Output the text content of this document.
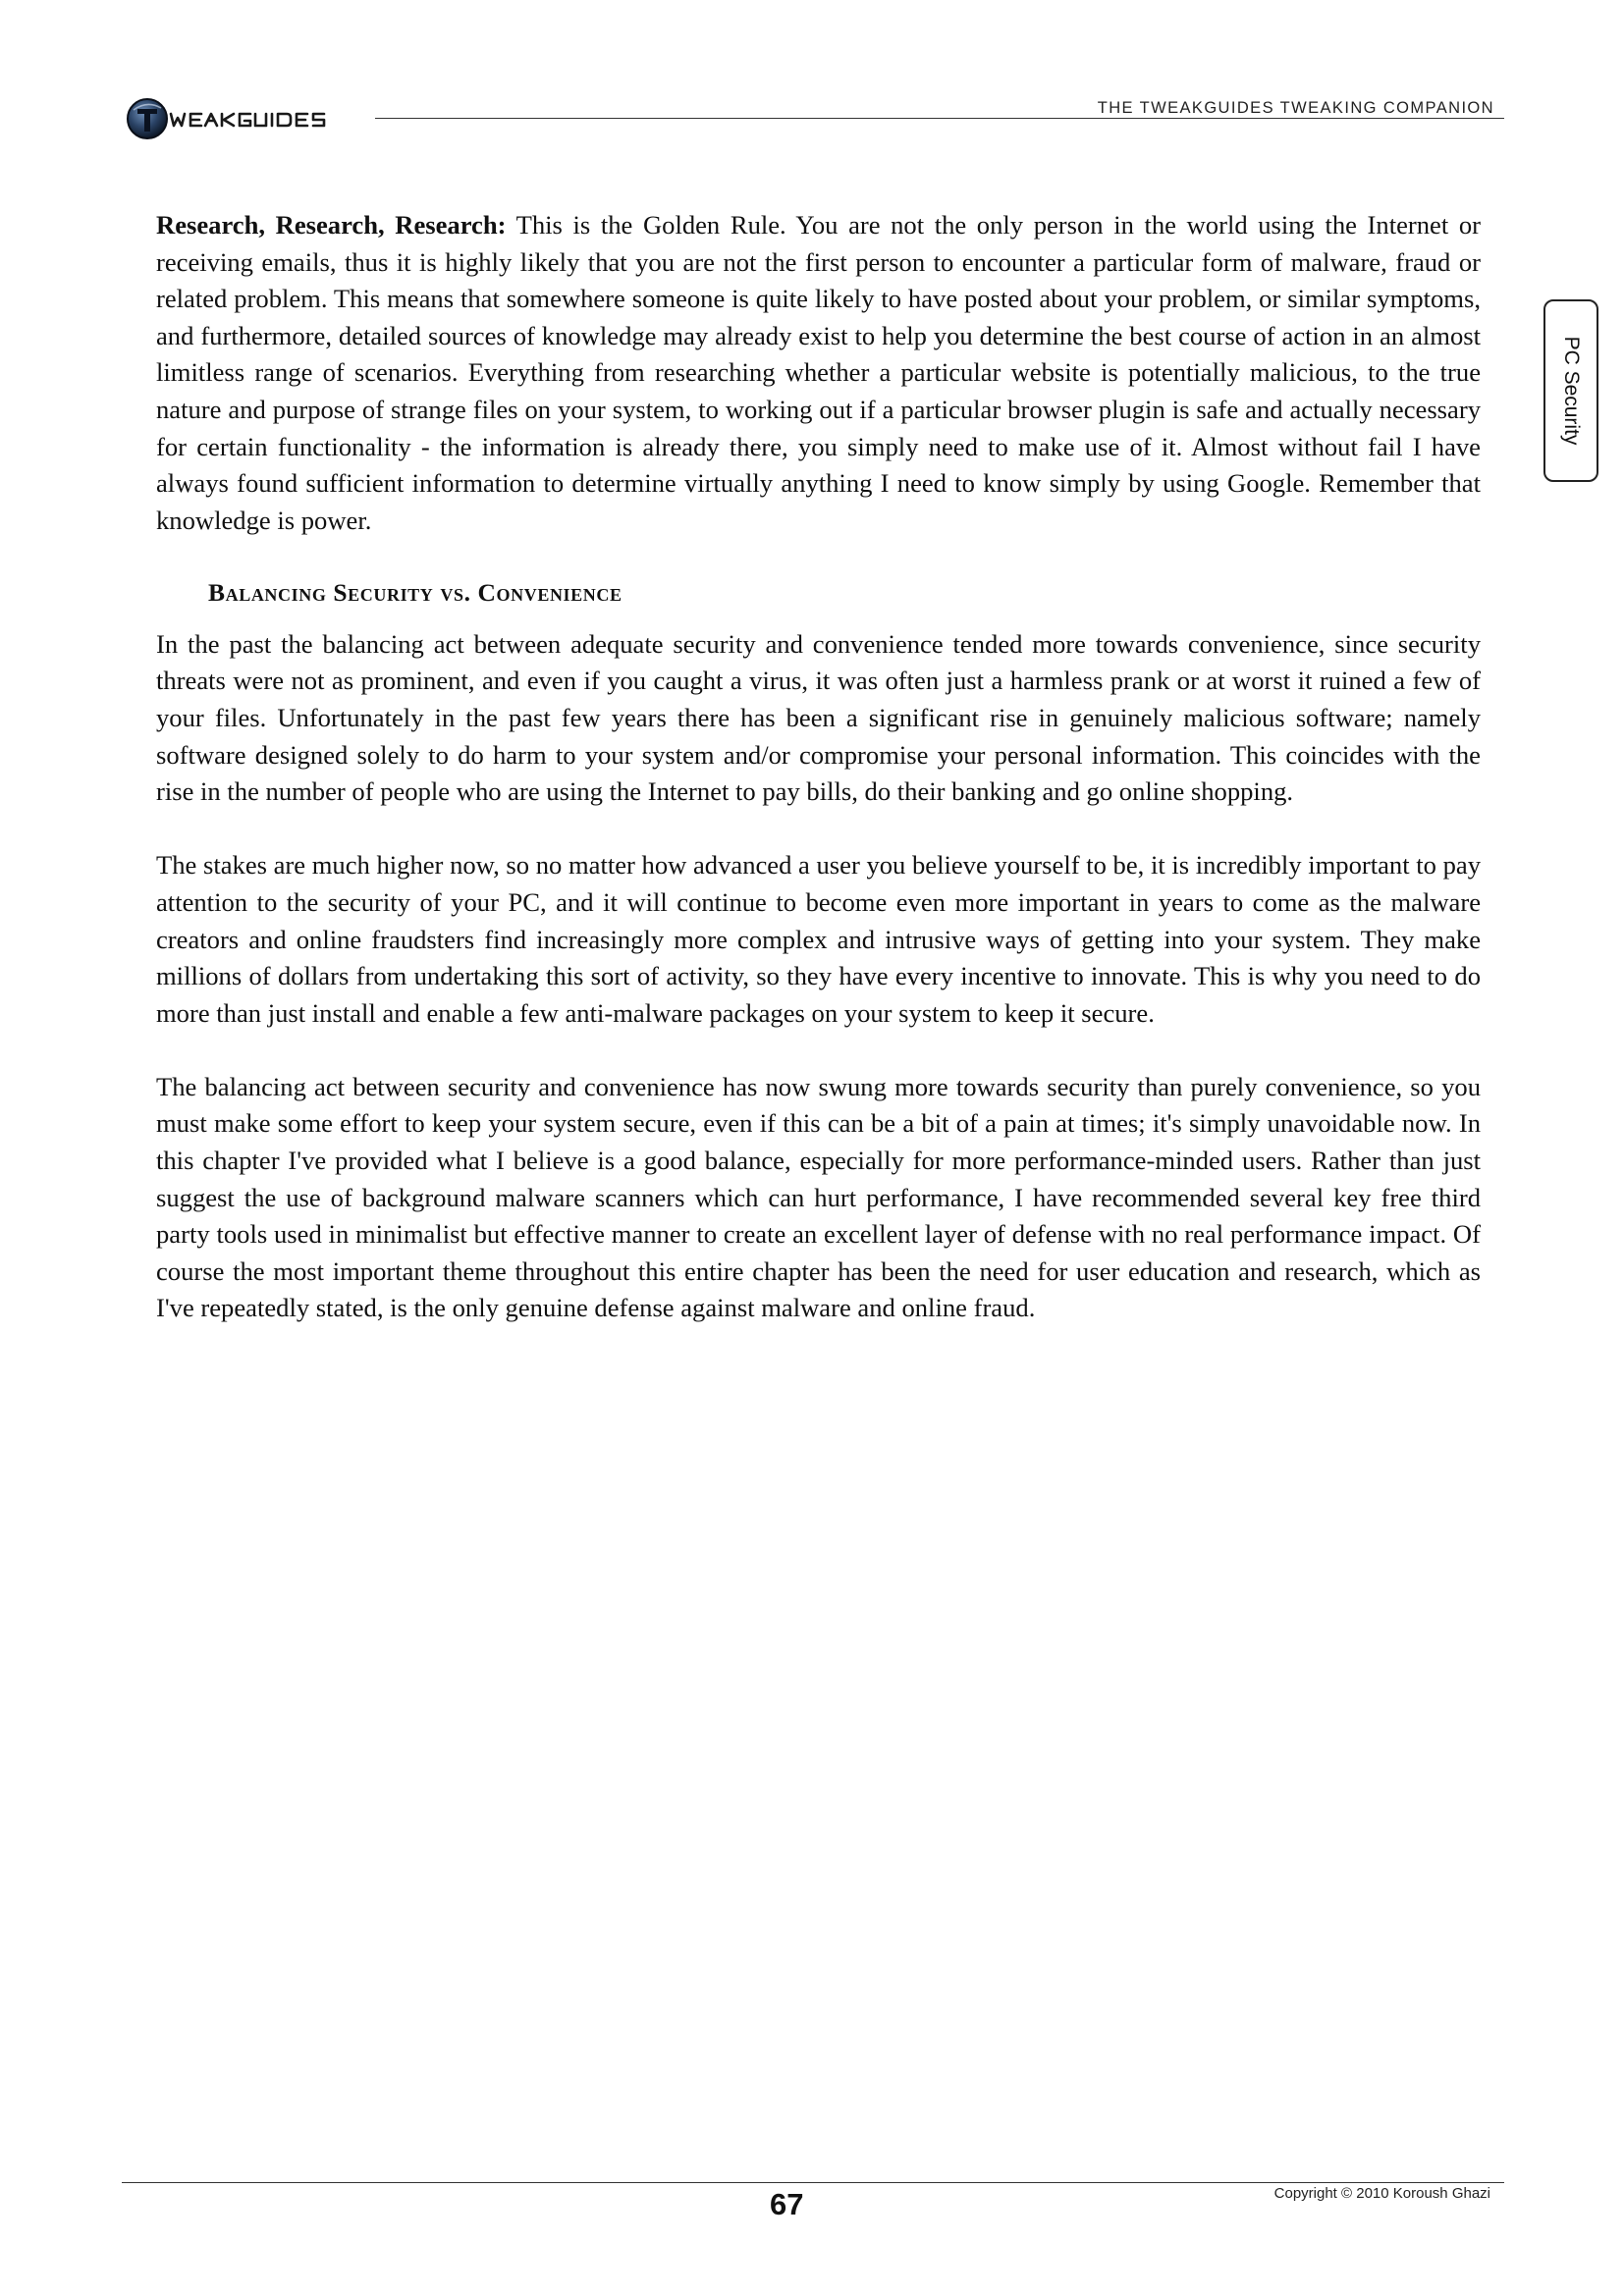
THE TWEAKGUIDES TWEAKING COMPANION
PC Security

Research, Research, Research: This is the Golden Rule. You are not the only person in the world using the Internet or receiving emails, thus it is highly likely that you are not the first person to encounter a particular form of malware, fraud or related problem. This means that somewhere someone is quite likely to have posted about your problem, or similar symptoms, and furthermore, detailed sources of knowledge may already exist to help you determine the best course of action in an almost limitless range of scenarios. Everything from researching whether a particular website is potentially malicious, to the true nature and purpose of strange files on your system, to working out if a particular browser plugin is safe and actually necessary for certain functionality - the information is already there, you simply need to make use of it. Almost without fail I have always found sufficient information to determine virtually anything I need to know simply by using Google. Remember that knowledge is power.

Balancing Security vs. Convenience

In the past the balancing act between adequate security and convenience tended more towards convenience, since security threats were not as prominent, and even if you caught a virus, it was often just a harmless prank or at worst it ruined a few of your files. Unfortunately in the past few years there has been a significant rise in genuinely malicious software; namely software designed solely to do harm to your system and/or compromise your personal information. This coincides with the rise in the number of people who are using the Internet to pay bills, do their banking and go online shopping.

The stakes are much higher now, so no matter how advanced a user you believe yourself to be, it is incredibly important to pay attention to the security of your PC, and it will continue to become even more important in years to come as the malware creators and online fraudsters find increasingly more complex and intrusive ways of getting into your system. They make millions of dollars from undertaking this sort of activity, so they have every incentive to innovate. This is why you need to do more than just install and enable a few anti-malware packages on your system to keep it secure.

The balancing act between security and convenience has now swung more towards security than purely convenience, so you must make some effort to keep your system secure, even if this can be a bit of a pain at times; it's simply unavoidable now. In this chapter I've provided what I believe is a good balance, especially for more performance-minded users. Rather than just suggest the use of background malware scanners which can hurt performance, I have recommended several key free third party tools used in minimalist but effective manner to create an excellent layer of defense with no real performance impact. Of course the most important theme throughout this entire chapter has been the need for user education and research, which as I've repeatedly stated, is the only genuine defense against malware and online fraud.

67	Copyright © 2010 Koroush Ghazi
